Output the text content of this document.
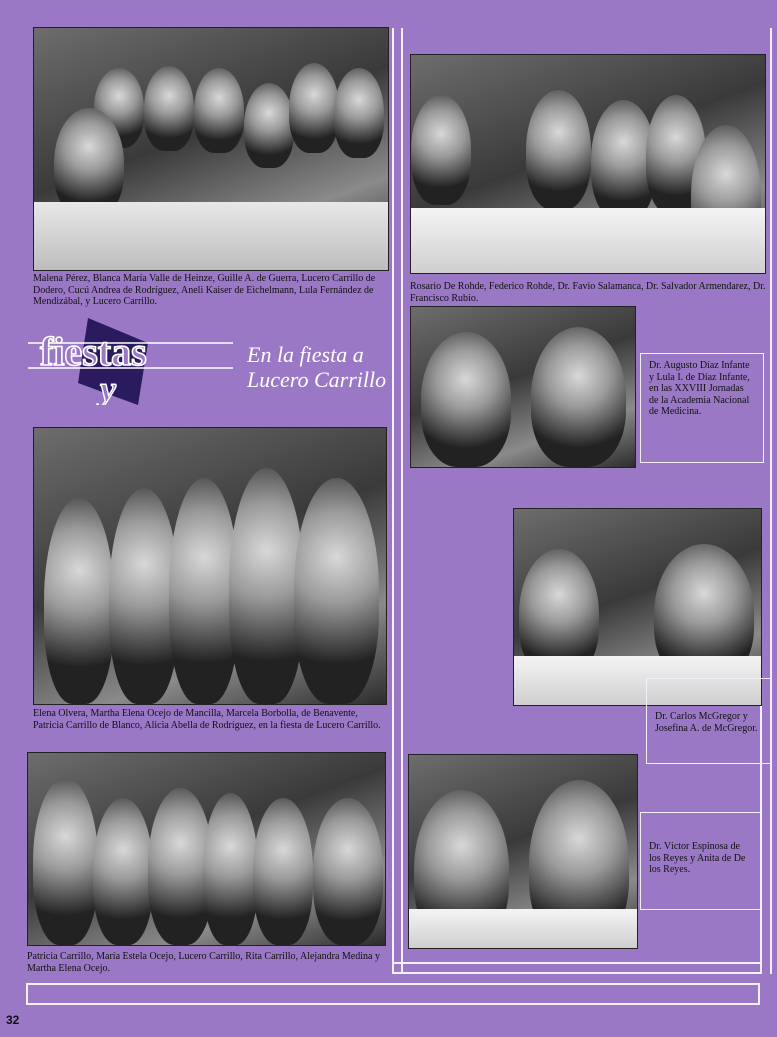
Malena Pérez, Blanca María Valle de Heinze, Guille A. de Guerra, Lucero Carrillo de Dodero, Cucú Andrea de Rodríguez, Aneli Kaiser de Eichelmann, Lula Fernández de Mendizábal, y Lucero Carrillo.
Rosario De Rohde, Federico Rohde, Dr. Favio Salamanca, Dr. Salvador Armendarez, Dr. Francisco Rubio.
fiestas
y
En la fiesta a Lucero Carrillo
Dr. Augusto Díaz Infante y Lula I. de Díaz Infante, en las XXVIII Jornadas de la Academia Nacional de Medicina.
Elena Olvera, Martha Elena Ocejo de Mancilla, Marcela Borbolla, de Benavente, Patricia Carrillo de Blanco, Alicia Abella de Rodríguez, en la fiesta de Lucero Carrillo.
Dr. Carlos McGregor y Josefina A. de McGregor.
Patricia Carrillo, María Estela Ocejo, Lucero Carrillo, Rita Carrillo, Alejandra Medina y Martha Elena Ocejo.
Dr. Víctor Espinosa de los Reyes y Anita de De los Reyes.
32
